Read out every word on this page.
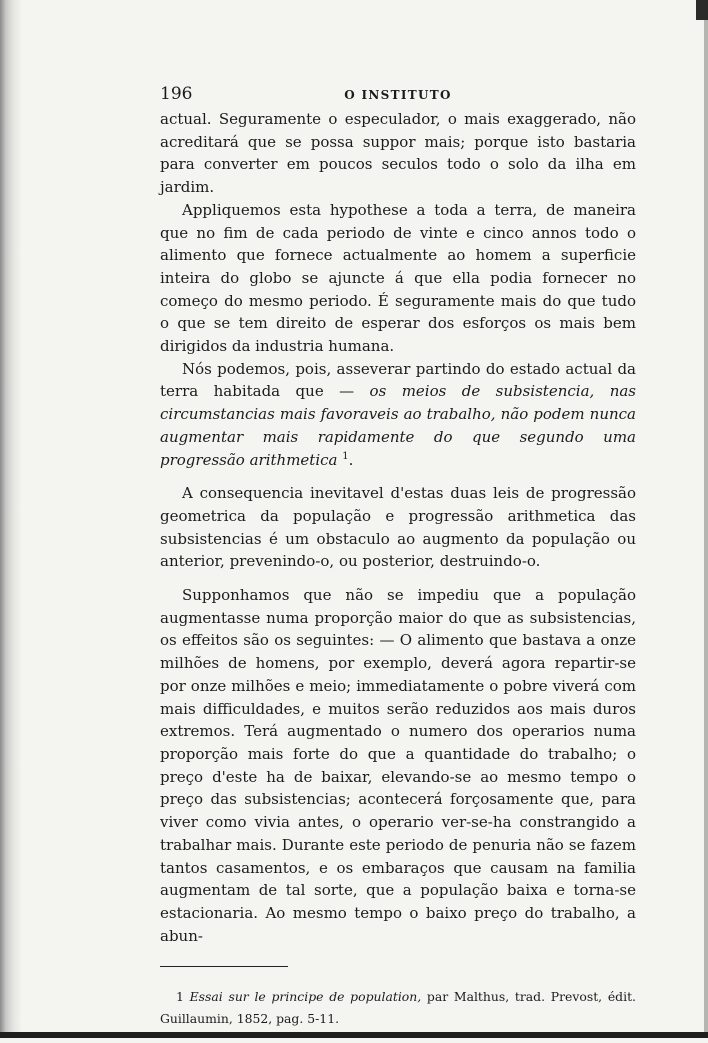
196	O INSTITUTO

actual. Seguramente o especulador, o mais exaggerado, não acreditará que se possa suppor mais; porque isto bastaria para converter em poucos seculos todo o solo da ilha em jardim.

Appliquemos esta hypothese a toda a terra, de maneira que no fim de cada periodo de vinte e cinco annos todo o alimento que fornece actualmente ao homem a superficie inteira do globo se ajuncte á que ella podia fornecer no começo do mesmo periodo. É seguramente mais do que tudo o que se tem direito de esperar dos esforços os mais bem dirigidos da industria humana.

Nós podemos, pois, asseverar partindo do estado actual da terra habitada que — os meios de subsistencia, nas circumstancias mais favoraveis ao trabalho, não podem nunca augmentar mais rapidamente do que segundo uma progressão arithmetica $^1$.

A consequencia inevitavel d'estas duas leis de progressão geometrica da população e progressão arithmetica das subsistencias é um obstaculo ao augmento da população ou anterior, prevenindo-o, ou posterior, destruindo-o.

Supponhamos que não se impediu que a população augmentasse numa proporção maior do que as subsistencias, os effeitos são os seguintes: — O alimento que bastava a onze milhões de homens, por exemplo, deverá agora repartir-se por onze milhões e meio; immediatamente o pobre viverá com mais difficuldades, e muitos serão reduzidos aos mais duros extremos. Terá augmentado o numero dos operarios numa proporção mais forte do que a quantidade do trabalho; o preço d'este ha de baixar, elevando-se ao mesmo tempo o preço das subsistencias; acontecerá forçosamente que, para viver como vivia antes, o operario ver-se-ha constrangido a trabalhar mais. Durante este periodo de penuria não se fazem tantos casamentos, e os embaraços que causam na familia augmentam de tal sorte, que a população baixa e torna-se estacionaria. Ao mesmo tempo o baixo preço do trabalho, a abun-

1 Essai sur le principe de population, par Malthus, trad. Prevost, édit. Guillaumin, 1852, pag. 5-11.
